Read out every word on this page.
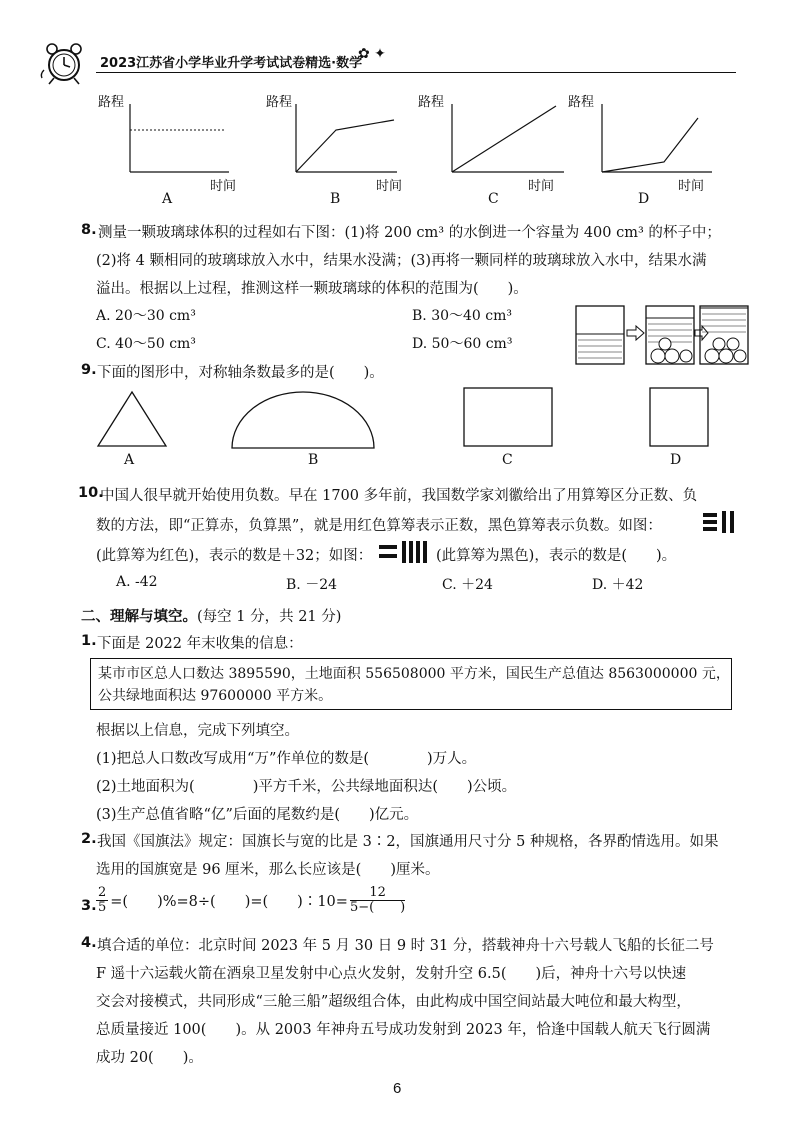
2023江苏省小学毕业升学考试试卷精选·数学
✿ ✦
路程
时间
A
路程
时间
B
路程
时间
C
路程
时间
D
8. 测量一颗玻璃球体积的过程如右下图：(1)将 200 cm³ 的水倒进一个容量为 400 cm³ 的杯子中；
(2)将 4 颗相同的玻璃球放入水中，结果水没满；(3)再将一颗同样的玻璃球放入水中，结果水满
溢出。根据以上过程，推测这样一颗玻璃球的体积的范围为(　　)。
A. 20～30 cm³	B. 30～40 cm³
C. 40～50 cm³	D. 50～60 cm³
9. 下面的图形中，对称轴条数最多的是(　　)。
A	B	C	D
10.
中国人很早就开始使用负数。早在 1700 多年前，我国数学家刘徽给出了用算筹区分正数、负
数的方法，即“正算赤，负算黑”，就是用红色算筹表示正数，黑色算筹表示负数。如图：
(此算筹为红色)，表示的数是＋32；如图：	(此算筹为黑色)，表示的数是(　　)。
A. -42	B. －24	C. ＋24	D. ＋42
二、理解与填空。(每空 1 分，共 21 分)
1. 下面是 2022 年末收集的信息：
某市市区总人口数达 3895590，土地面积 556508000 平方米，国民生产总值达 8563000000 元，
公共绿地面积达 97600000 平方米。
根据以上信息，完成下列填空。
(1)把总人口数改写成用“万”作单位的数是(　　　　)万人。
(2)土地面积为(　　　　)平方千米，公共绿地面积达(　　)公顷。
(3)生产总值省略“亿”后面的尾数约是(　　)亿元。
2. 我国《国旗法》规定：国旗长与宽的比是 3∶2，国旗通用尺寸分 5 种规格，各界酌情选用。如果
选用的国旗宽是 96 厘米，那么长应该是(　　)厘米。
3. $\frac{2}{5}$ =(　　)%=8÷(　　)=(　　)∶10= $\frac{12}{5-( )}$
4. 填合适的单位：北京时间 2023 年 5 月 30 日 9 时 31 分，搭载神舟十六号载人飞船的长征二号
F 遥十六运载火箭在酒泉卫星发射中心点火发射，发射升空 6.5(　　)后，神舟十六号以快速
交会对接模式，共同形成“三舱三船”超级组合体，由此构成中国空间站最大吨位和最大构型，
总质量接近 100(　　)。从 2003 年神舟五号成功发射到 2023 年，恰逢中国载人航天飞行圆满
成功 20(　　)。
6
